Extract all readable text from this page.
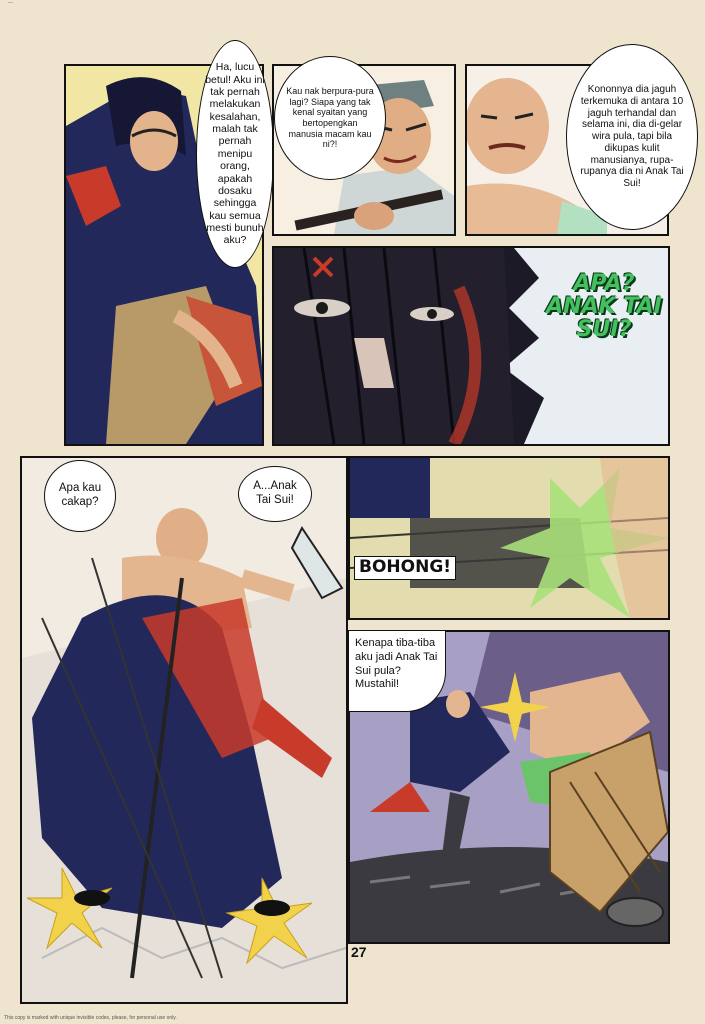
—
Ha, lucu betul! Aku ini tak pernah melakukan kesalahan, malah tak pernah menipu orang, apakah dosaku sehingga kau semua mesti bunuh aku?
Kau nak berpura-pura lagi? Siapa yang tak kenal syaitan yang bertopengkan manusia macam kau ni?!
Kononnya dia jaguh terkemuka di antara 10 jaguh terhandal dan selama ini, dia di-gelar wira pula, tapi bila dikupas kulit manusianya, rupa-rupanya dia ni Anak Tai Sui!
APA?
ANAK TAI
SUI?
Apa kau cakap?
A...Anak Tai Sui!
BOHONG!
Kenapa tiba-tiba aku jadi Anak Tai Sui pula? Mustahil!
27
This copy is marked with unique invisible codes, please, for personal use only.
